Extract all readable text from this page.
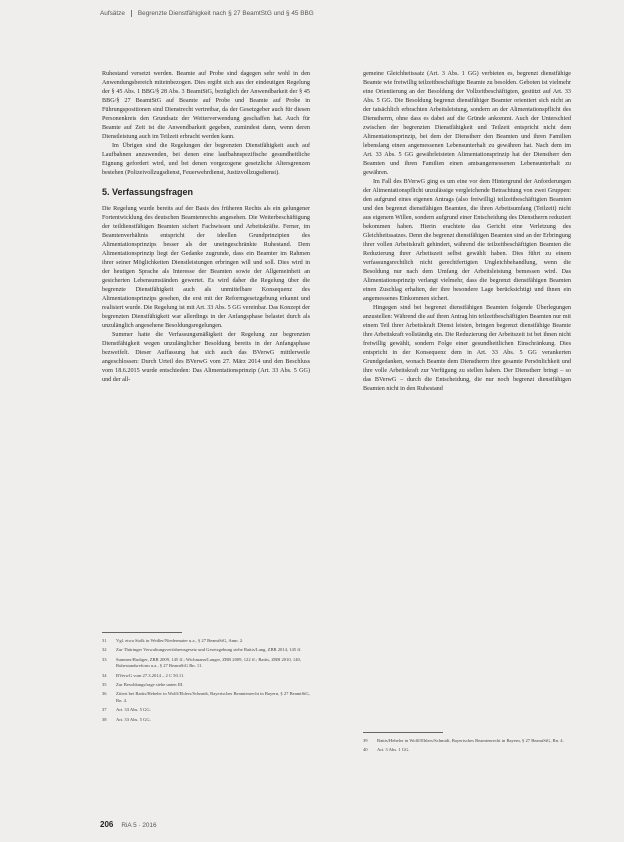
Aufsätze Begrenzte Dienstfähigkeit nach § 27 BeamtStG und § 45 BBG

Ruhestand versetzt werden. Beamte auf Probe sind dagegen sehr wohl in den Anwendungsbereich miteinbezogen. Dies ergibt sich aus der eindeutigen Regelung der § 45 Abs. 1 BBG/§ 28 Abs. 3 BeamtStG, bezüglich der Anwendbarkeit der § 45 BBG/§ 27 BeamtStG auf Beamte auf Probe und Beamte auf Probe in Führungspositionen sind Dienstrecht vertretbar, da der Gesetzgeber auch für diesen Personenkreis den Grundsatz der Weiterverwendung geschaffen hat. Auch für Beamte auf Zeit ist die Anwendbarkeit gegeben, zumindest dann, wenn deren Dienstleistung auch im Teilzeit erbracht werden kann.

Im Übrigen sind die Regelungen der begrenzten Dienstfähigkeit auch auf Laufbahnen anzuwenden, bei denen eine laufbahnspezifische gesundheitliche Eignung gefordert wird, und bei denen vorgezogene gesetzliche Altersgrenzen bestehen (Polizeivollzugsdienst, Feuerwehrdienst, Justizvollzugsdienst).

5. Verfassungsfragen

Die Regelung wurde bereits auf der Basis des früheren Rechts als ein gelungener Fortentwicklung des deutschen Beamtenrechts angesehen. Die Weiterbeschäftigung der teildienstfähigen Beamten sichert Fachwissen und Arbeitskräfte. Ferner, im Beamtenverhältnis entspricht der ideellen Grundprinzipien des Alimentationsprinzips besser als der uneingeschränkte Ruhestand. Dem Alimentationsprinzip liegt der Gedanke zugrunde, dass ein Beamter im Rahmen ihrer seiner Möglichkeiten Dienstleistungen erbringen will und soll. Dies wird in der heutigen Sprache als Interesse der Beamten sowie der Allgemeinheit an gesicherten Lebensumständen gewertet. Es wird daher die Regelung über die begrenzte Dienstfähigkeit auch als unmittelbare Konsequenz des Alimentationsprinzips gesehen, die erst mit der Reformgesetzgebung erkannt und realisiert wurde. Die Regelung ist mit Art. 33 Abs. 5 GG vereinbar. Das Konzept der begrenzten Dienstfähigkeit war allerdings in der Anfangsphase belastet durch als unzulänglich angesehene Besoldungsregelungen.

Summer hatte die Verfassungsmäßigkeit der Regelung zur begrenzten Dienstfähigkeit wegen unzulänglicher Besoldung bereits in der Anfangsphase bezweifelt. Dieser Auffassung hat sich auch das BVerwG mittlerweile angeschlossen: Durch Urteil des BVerwG vom 27. März 2014 und den Beschluss vom 18.6.2015 wurde entschieden: Das Alimentationsprinzip (Art. 33 Abs. 5 GG) und der all-

31	Vgl. etwa Stolk in Weißer/Niedermaier u.a., § 27 BeamtStG, Anm. 2.
32	Zur Thüringer Verwaltungsverfahrensgesetz und Gesetzgebung siehe Battis/Lang, ZBR 2014, 145 ff.
33	Summer/Rudiger, ZBR 2009, 145 ff.; Wichmann/Langer, ZBR 2009, 122 ff.; Battis, ZBR 2010, 140, Ruhestandsreform u.a., § 27 BeamtStG Rn. 11.
34	BVerwG vom 27.3.2014 – 2 C 50.11.
35	Zur Besoldungsfrage siehe unten III.
36	Zitiert bei Battis/Hebeler in Wolff/Ehlers/Schmidt, Bayerisches Beamtenrecht in Bayern, § 27 BeamtStG, Rn. 4.
37	Art. 33 Abs. 5 GG.
38	Art. 33 Abs. 5 GG.

gemeine Gleichheitssatz (Art. 3 Abs. 1 GG) verbieten es, begrenzt dienstfähige Beamte wie freiwillig teilzeitbeschäftigte Beamte zu besolden. Geboten ist vielmehr eine Orientierung an der Besoldung der Vollzeitbeschäftigten, gestützt auf Art. 33 Abs. 5 GG. Die Besoldung begrenzt dienstfähiger Beamter orientiert sich nicht an der tatsächlich erbrachten Arbeitsleistung, sondern an der Alimentationspflicht des Dienstherrn, ohne dass es dabei auf die Gründe ankommt. Auch der Unterschied zwischen der begrenzten Dienstfähigkeit und Teilzeit entspricht nicht dem Alimentationsprinzip, bei dem der Dienstherr den Beamten und ihren Familien lebenslang einen angemessenen Lebensunterhalt zu gewähren hat. Nach dem im Art. 33 Abs. 5 GG gewährleisteten Alimentationsprinzip hat der Dienstherr den Beamten und ihren Familien einen amtsangemessenen Lebensunterhalt zu gewähren.

Im Fall des BVerwG ging es um eine vor dem Hintergrund der Anforderungen der Alimentationspflicht unzulässige vergleichende Betrachtung von zwei Gruppen: den aufgrund eines eigenen Antrags (also freiwillig) teilzeitbeschäftigten Beamten und den begrenzt dienstfähigen Beamten, die ihren Arbeitsumfang (Teilzeit) nicht aus eigenem Willen, sondern aufgrund einer Entscheidung des Dienstherrn reduziert bekommen haben. Hierin erachtete das Gericht eine Verletzung des Gleichheitssatzes. Denn die begrenzt dienstfähigen Beamten sind an der Erbringung ihrer vollen Arbeitskraft gehindert, während die teilzeitbeschäftigten Beamten die Reduzierung ihrer Arbeitszeit selbst gewählt haben. Dies führt zu einem verfassungsrechtlich nicht gerechtfertigten Ungleichbehandlung, wenn die Besoldung nur nach dem Umfang der Arbeitsleistung bemessen wird. Das Alimentationsprinzip verlangt vielmehr, dass die begrenzt dienstfähigen Beamten einen Zuschlag erhalten, der ihre besondere Lage berücksichtigt und ihnen ein angemessenes Einkommen sichert.

Hingegen sind bei begrenzt dienstfähigen Beamten folgende Überlegungen anzustellen: Während die auf ihren Antrag hin teilzeitbeschäftigten Beamten nur mit einem Teil ihrer Arbeitskraft Dienst leisten, bringen begrenzt dienstfähige Beamte ihre Arbeitskraft vollständig ein. Die Reduzierung der Arbeitszeit ist bei ihnen nicht freiwillig gewählt, sondern Folge einer gesundheitlichen Einschränkung. Dies entspricht in der Konsequenz dem in Art. 33 Abs. 5 GG verankerten Grundgedanken, wonach Beamte dem Dienstherrn ihre gesamte Persönlichkeit und ihre volle Arbeitskraft zur Verfügung zu stellen haben. Der Dienstherr bringt – so das BVerwG – durch die Entscheidung, die nur noch begrenzt dienstfähigen Beamten nicht in den Ruhestand

39	Battis/Hebeler in Wolff/Ehlers/Schmidt, Bayerisches Beamtenrecht in Bayern, § 27 BeamtStG, Rn. 4.
40	Art. 3 Abs. 1 GG.
206 RiA 5 · 2016
